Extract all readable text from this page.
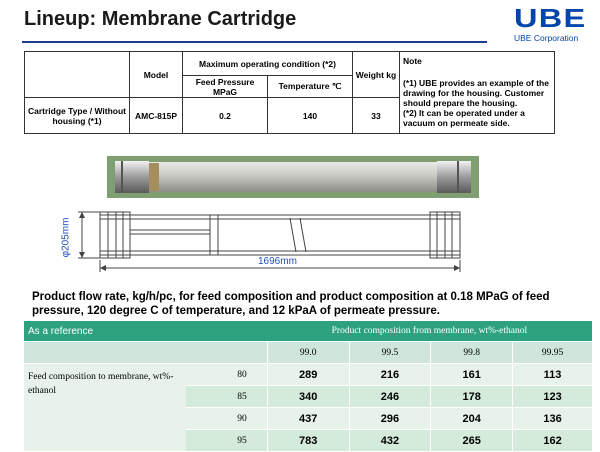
Lineup: Membrane Cartridge	UBE
UBE Corporation
	Model	Maximum operating condition (*2)		Weight kg	Note
(*1) UBE provides an example of the drawing for the housing. Customer should prepare the housing.
(*2) It can be operated under a vacuum on permeate side.

		Feed Pressure MPaG	Temperature ℃		
Cartridge Type / Without housing (*1)	AMC-815P	0.2	140	33	
φ205mm
1696mm
Product flow rate, kg/h/pc, for feed composition and product composition at 0.18 MPaG of feed pressure, 120 degree C of temperature, and 12 kPaA of permeate pressure.
As a reference		Product composition from membrane, wt%-ethanol			
		99.0	99.5	99.8	99.95
Feed composition to membrane, wt%-ethanol	80	289	216	161	113
	85	340	246	178	123
	90	437	296	204	136
	95	783	432	265	162
